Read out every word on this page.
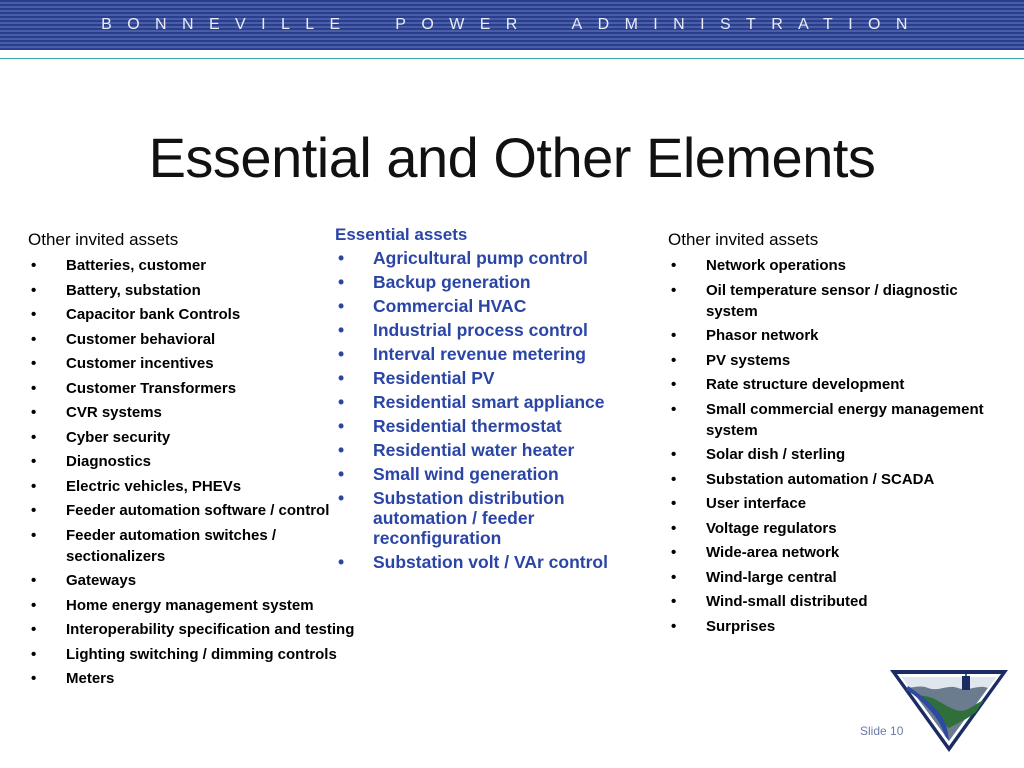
BONNEVILLE  POWER  ADMINISTRATION
Essential and Other Elements
Other invited assets
• Batteries, customer
• Battery, substation
• Capacitor bank Controls
• Customer behavioral
• Customer incentives
• Customer Transformers
• CVR systems
• Cyber security
• Diagnostics
• Electric vehicles, PHEVs
• Feeder automation software / control
• Feeder automation switches / sectionalizers
• Gateways
• Home energy management system
• Interoperability specification and testing
• Lighting switching / dimming controls
• Meters
Essential assets
• Agricultural pump control
• Backup generation
• Commercial HVAC
• Industrial process control
• Interval revenue metering
• Residential PV
• Residential smart appliance
• Residential thermostat
• Residential water heater
• Small wind generation
• Substation distribution automation / feeder reconfiguration
• Substation volt / VAr control
Other invited assets
• Network operations
• Oil temperature sensor / diagnostic system
• Phasor network
• PV systems
• Rate structure development
• Small commercial energy management system
• Solar dish / sterling
• Substation automation / SCADA
• User interface
• Voltage regulators
• Wide-area network
• Wind-large central
• Wind-small distributed
• Surprises
Slide 10
